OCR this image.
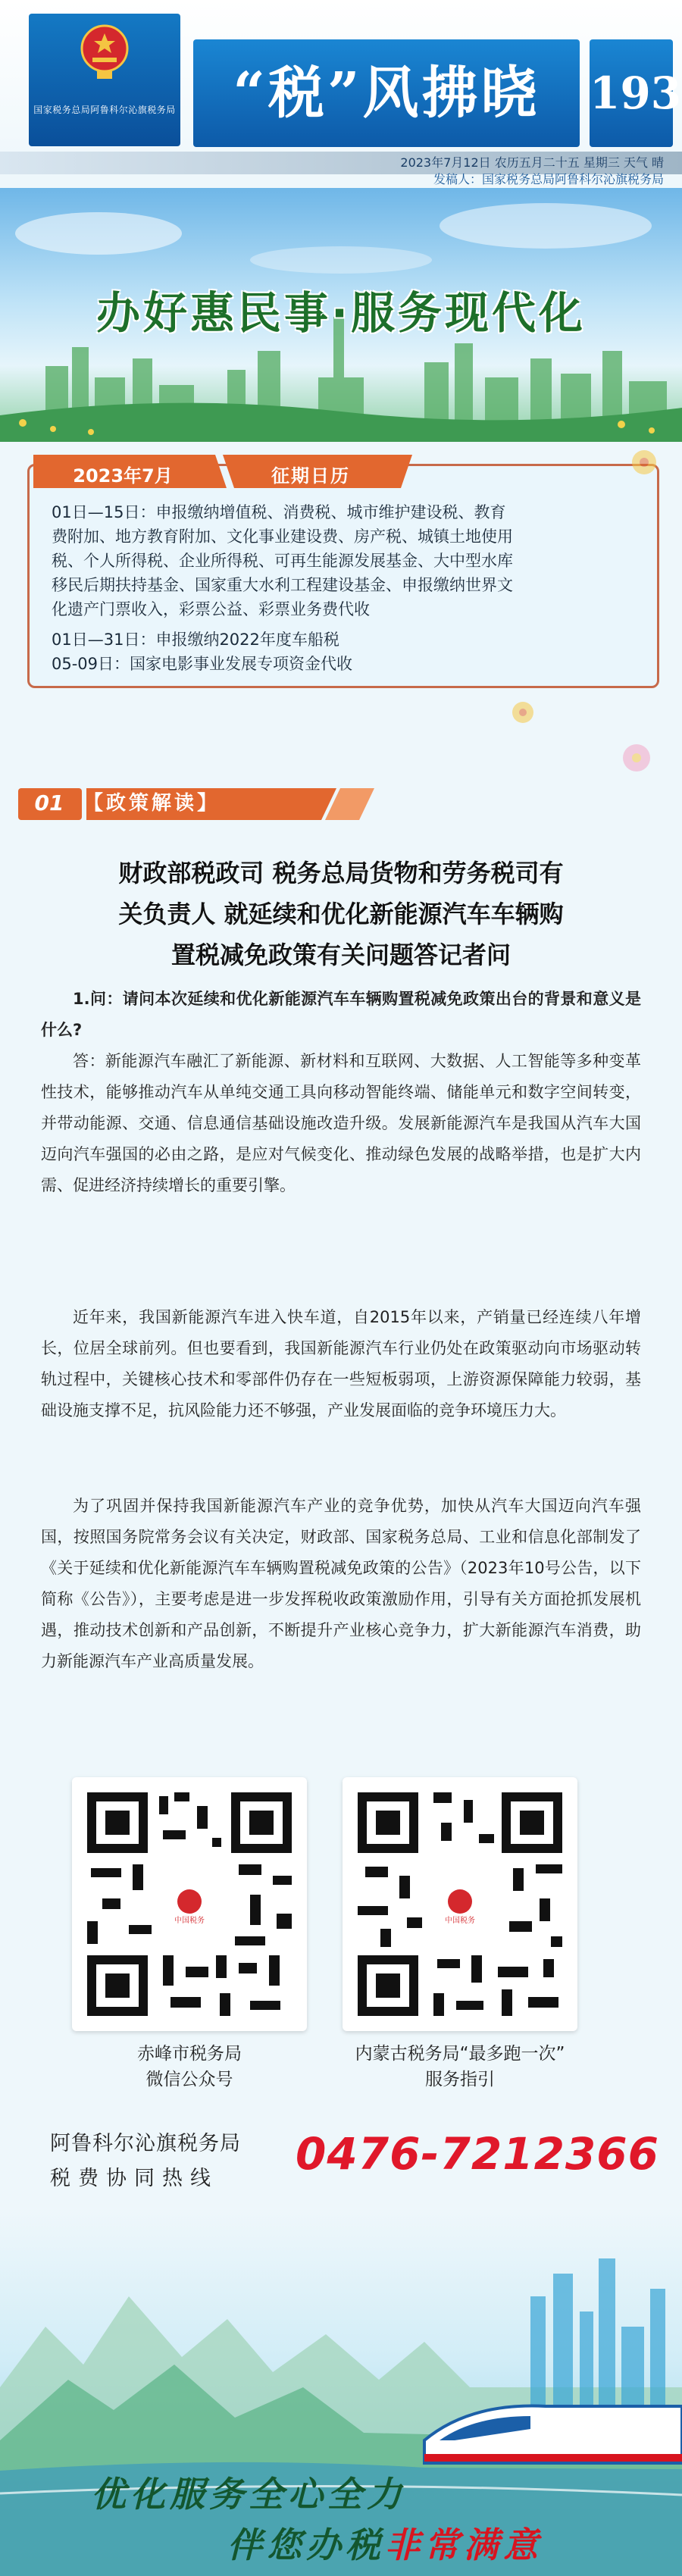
国家税务总局阿鲁科尔沁旗税务局	“税”风拂晓	193
2023年7月12日 农历五月二十五 星期三 天气 晴
发稿人：国家税务总局阿鲁科尔沁旗税务局
办好惠民事·服务现代化
2023年7月	征期日历
01日—15日：申报缴纳增值税、消费税、城市维护建设税、教育
费附加、地方教育附加、文化事业建设费、房产税、城镇土地使用
税、个人所得税、企业所得税、可再生能源发展基金、大中型水库
移民后期扶持基金、国家重大水利工程建设基金、申报缴纳世界文
化遗产门票收入，彩票公益、彩票业务费代收
01日—31日：申报缴纳2022年度车船税
05-09日：国家电影事业发展专项资金代收
01 【政策解读】
财政部税政司 税务总局货物和劳务税司有
关负责人 就延续和优化新能源汽车车辆购
置税减免政策有关问题答记者问
1.问：请问本次延续和优化新能源汽车车辆购置税减免政策出台的背景和意义是什么?
答：新能源汽车融汇了新能源、新材料和互联网、大数据、人工智能等多种变革性技术，能够推动汽车从单纯交通工具向移动智能终端、储能单元和数字空间转变，并带动能源、交通、信息通信基础设施改造升级。发展新能源汽车是我国从汽车大国迈向汽车强国的必由之路，是应对气候变化、推动绿色发展的战略举措，也是扩大内需、促进经济持续增长的重要引擎。
近年来，我国新能源汽车进入快车道，自2015年以来，产销量已经连续八年增长，位居全球前列。但也要看到，我国新能源汽车行业仍处在政策驱动向市场驱动转轨过程中，关键核心技术和零部件仍存在一些短板弱项，上游资源保障能力较弱，基础设施支撑不足，抗风险能力还不够强，产业发展面临的竞争环境压力大。
为了巩固并保持我国新能源汽车产业的竞争优势，加快从汽车大国迈向汽车强国，按照国务院常务会议有关决定，财政部、国家税务总局、工业和信息化部制发了《关于延续和优化新能源汽车车辆购置税减免政策的公告》（2023年10号公告，以下简称《公告》），主要考虑是进一步发挥税收政策激励作用，引导有关方面抢抓发展机遇，推动技术创新和产品创新，不断提升产业核心竞争力，扩大新能源汽车消费，助力新能源汽车产业高质量发展。
中国税务	中国税务
赤峰市税务局
微信公众号
内蒙古税务局“最多跑一次”
服务指引
阿鲁科尔沁旗税务局
税费协同热线 0476-7212366
优化服务全心全力
伴您办税非常满意
